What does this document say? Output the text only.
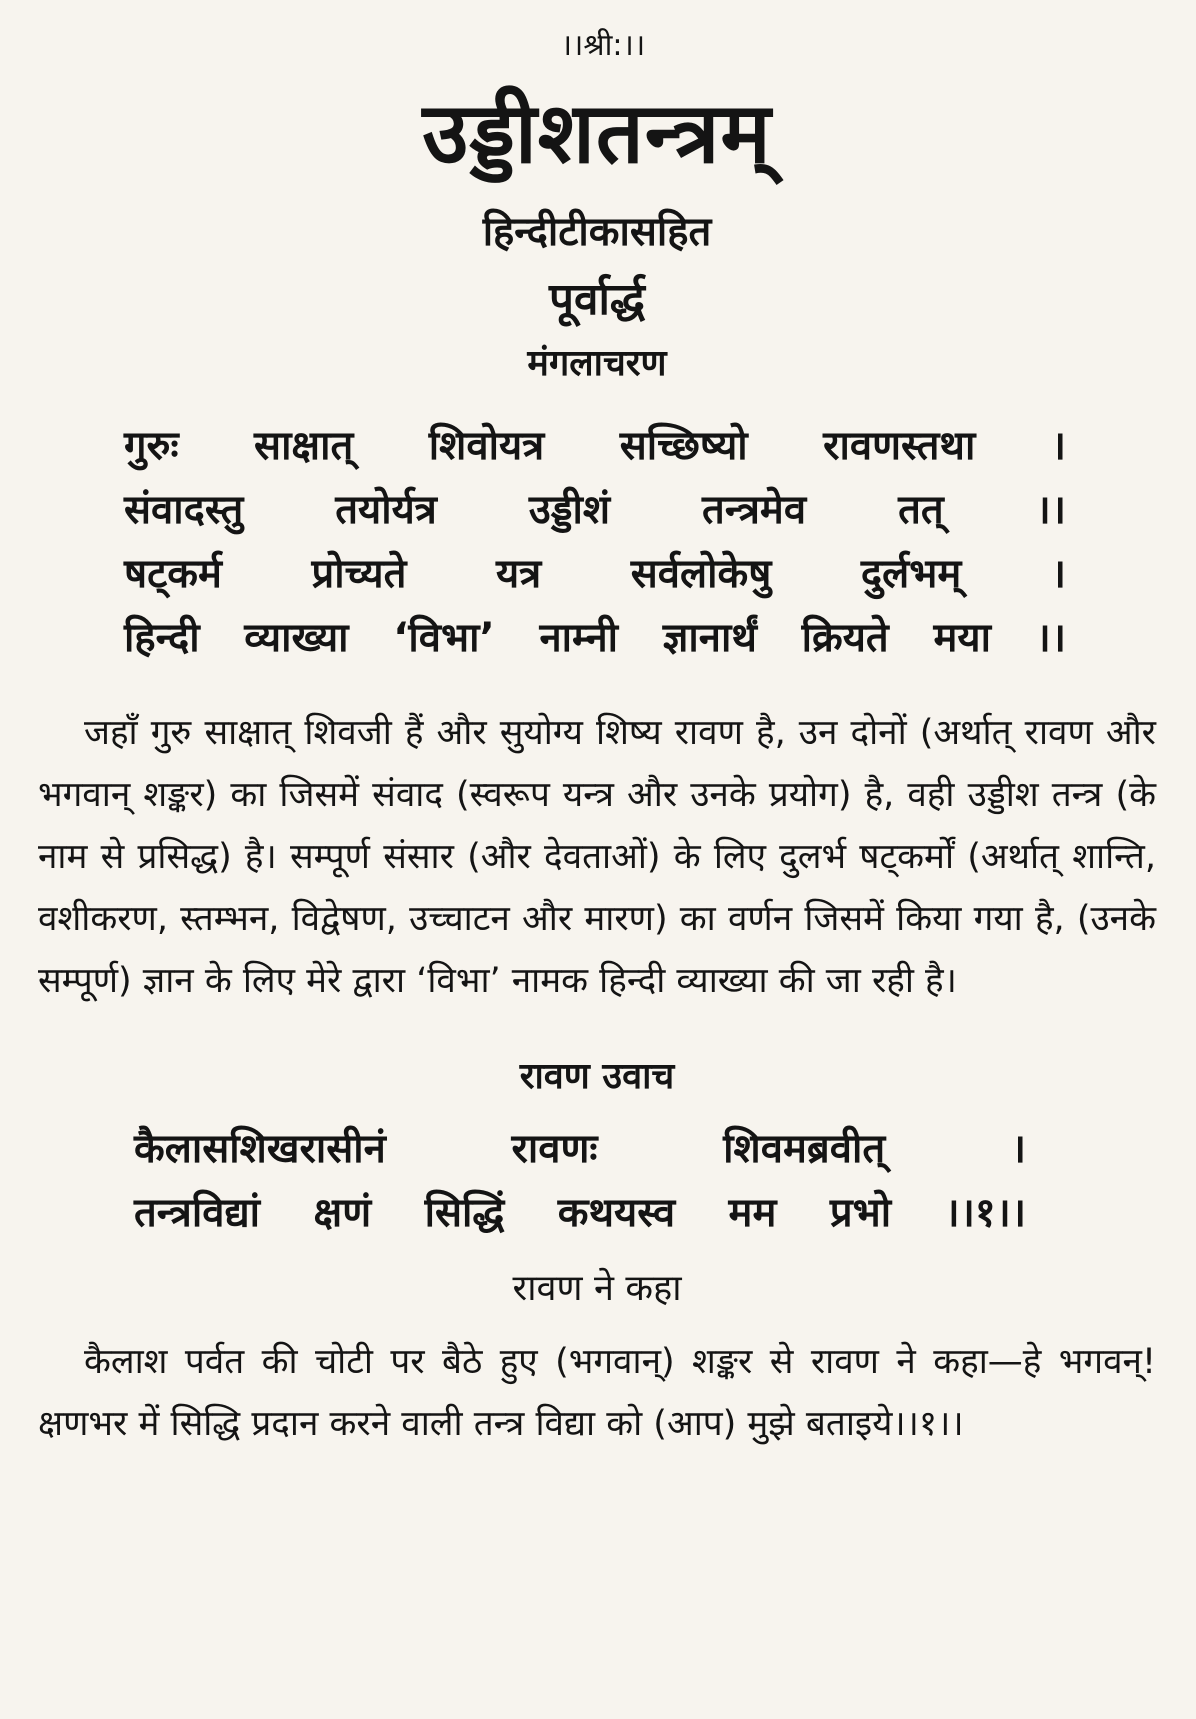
।।श्री:।।
उड्डीशतन्त्रम्
हिन्दीटीकासहित
पूर्वार्द्ध
मंगलाचरण
गुरुः साक्षात् शिवोयत्र सच्छिष्यो रावणस्तथा ।
संवादस्तु तयोर्यत्र उड्डीशं तन्त्रमेव तत् ।।
षट्कर्म प्रोच्यते यत्र सर्वलोकेषु दुर्लभम् ।
हिन्दी व्याख्या ‘विभा’ नाम्नी ज्ञानार्थं क्रियते मया ।।

जहाँ गुरु साक्षात् शिवजी हैं और सुयोग्य शिष्य रावण है, उन दोनों (अर्थात् रावण और भगवान् शङ्कर) का जिसमें संवाद (स्वरूप यन्त्र और उनके प्रयोग) है, वही उड्डीश तन्त्र (के नाम से प्रसिद्ध) है। सम्पूर्ण संसार (और देवताओं) के लिए दुलर्भ षट्कर्मों (अर्थात् शान्ति, वशीकरण, स्तम्भन, विद्वेषण, उच्चाटन और मारण) का वर्णन जिसमें किया गया है, (उनके सम्पूर्ण) ज्ञान के लिए मेरे द्वारा ‘विभा’ नामक हिन्दी व्याख्या की जा रही है।

रावण उवाच
कैलासशिखरासीनं रावणः शिवमब्रवीत् ।
तन्त्रविद्यां क्षणं सिद्धिं कथयस्व मम प्रभो ।।१।।
रावण ने कहा

कैलाश पर्वत की चोटी पर बैठे हुए (भगवान्) शङ्कर से रावण ने कहा—हे भगवन्! क्षणभर में सिद्धि प्रदान करने वाली तन्त्र विद्या को (आप) मुझे बताइये।।१।।
